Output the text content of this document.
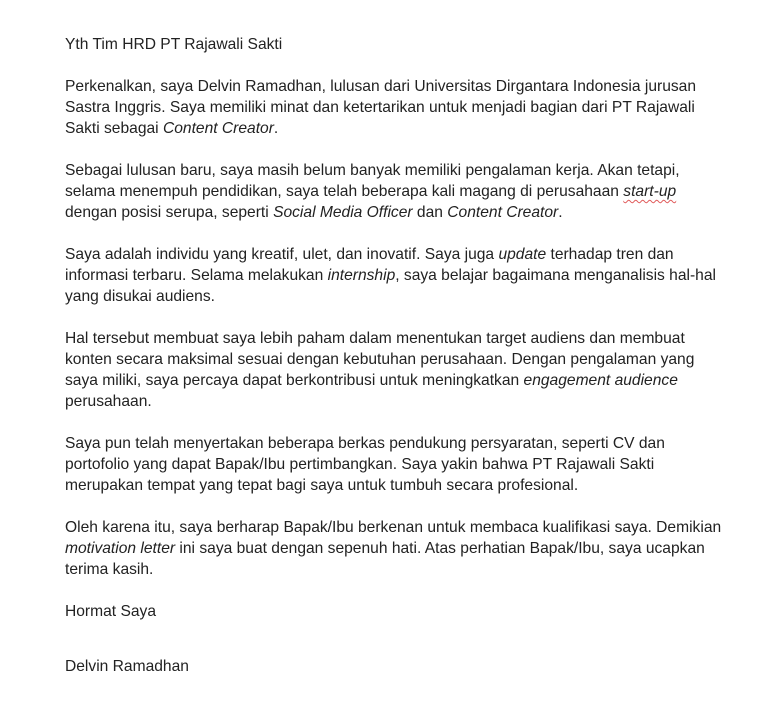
Yth Tim HRD PT Rajawali Sakti

Perkenalkan, saya Delvin Ramadhan, lulusan dari Universitas Dirgantara Indonesia jurusan Sastra Inggris. Saya memiliki minat dan ketertarikan untuk menjadi bagian dari PT Rajawali Sakti sebagai Content Creator.

Sebagai lulusan baru, saya masih belum banyak memiliki pengalaman kerja. Akan tetapi, selama menempuh pendidikan, saya telah beberapa kali magang di perusahaan start-up dengan posisi serupa, seperti Social Media Officer dan Content Creator.

Saya adalah individu yang kreatif, ulet, dan inovatif. Saya juga update terhadap tren dan informasi terbaru. Selama melakukan internship, saya belajar bagaimana menganalisis hal-hal yang disukai audiens.

Hal tersebut membuat saya lebih paham dalam menentukan target audiens dan membuat konten secara maksimal sesuai dengan kebutuhan perusahaan. Dengan pengalaman yang saya miliki, saya percaya dapat berkontribusi untuk meningkatkan engagement audience perusahaan.

Saya pun telah menyertakan beberapa berkas pendukung persyaratan, seperti CV dan portofolio yang dapat Bapak/Ibu pertimbangkan. Saya yakin bahwa PT Rajawali Sakti merupakan tempat yang tepat bagi saya untuk tumbuh secara profesional.

Oleh karena itu, saya berharap Bapak/Ibu berkenan untuk membaca kualifikasi saya. Demikian motivation letter ini saya buat dengan sepenuh hati. Atas perhatian Bapak/Ibu, saya ucapkan terima kasih.

Hormat Saya

Delvin Ramadhan
